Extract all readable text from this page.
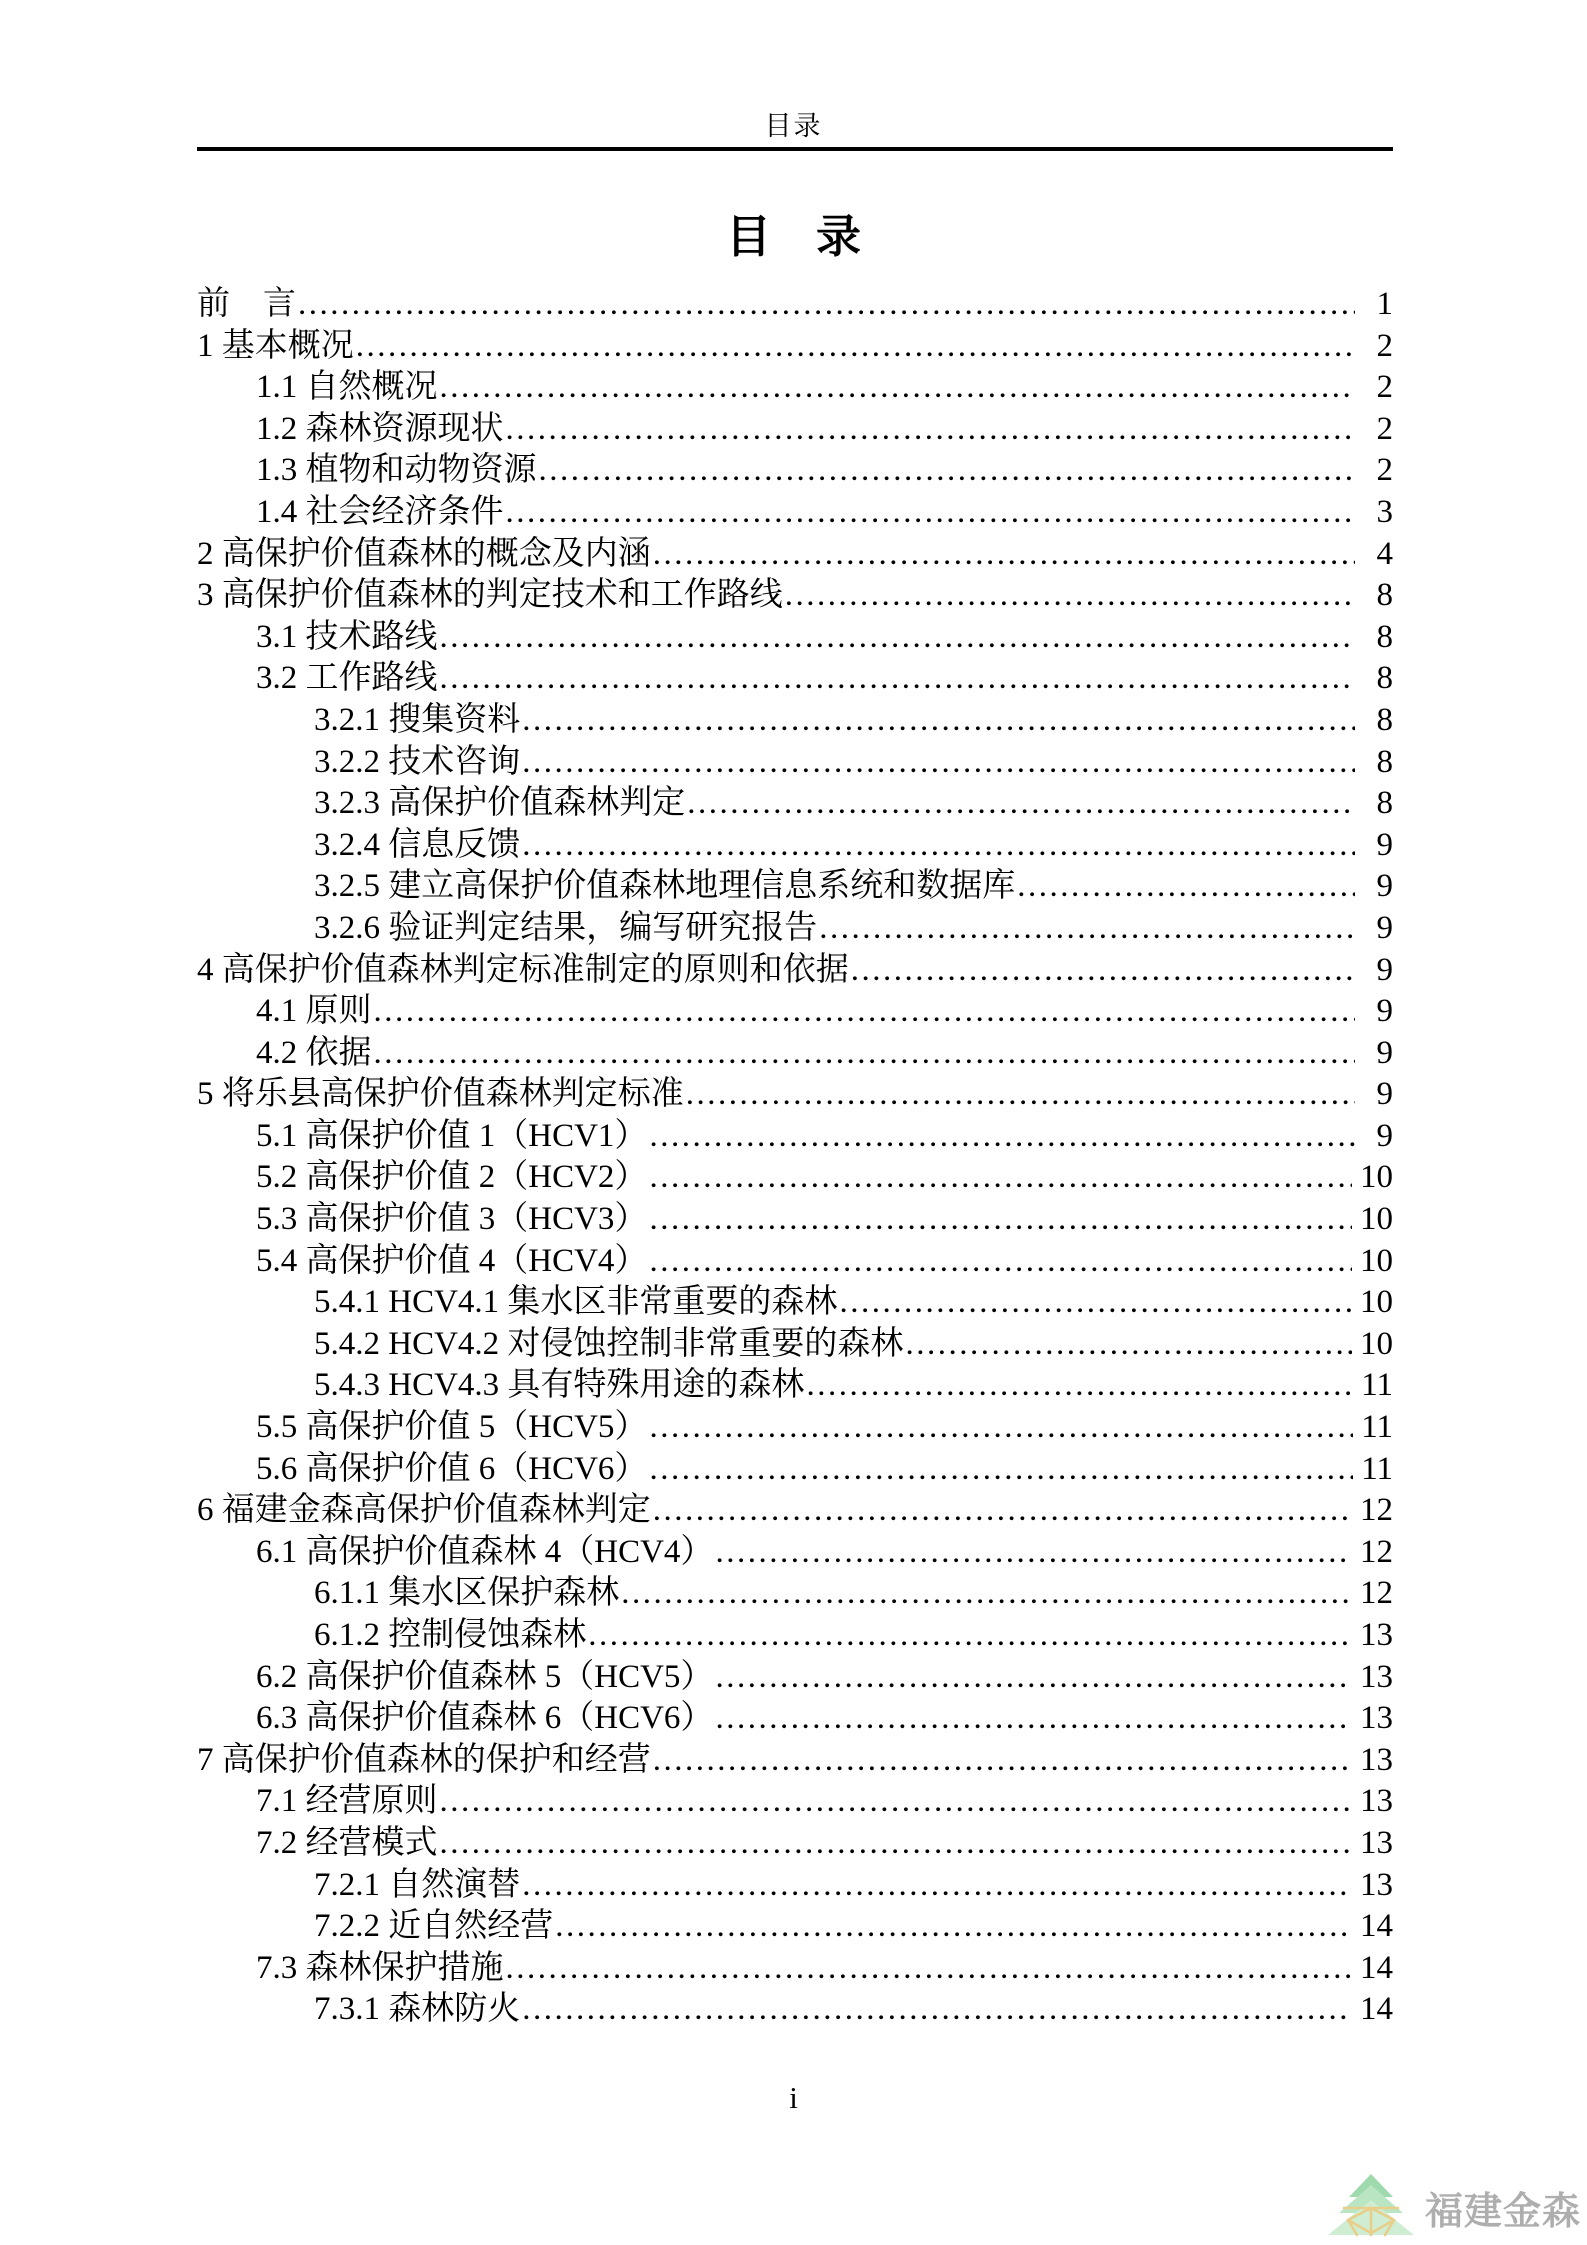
目录
目　录
前　言 .....	1
1 基本概况 .....	2
1.1 自然概况 .....	2
1.2 森林资源现状 .....	2
1.3 植物和动物资源 .....	2
1.4 社会经济条件 .....	3
2 高保护价值森林的概念及内涵 .....	4
3 高保护价值森林的判定技术和工作路线 .....	8
3.1 技术路线 .....	8
3.2 工作路线 .....	8
3.2.1 搜集资料 .....	8
3.2.2 技术咨询 .....	8
3.2.3 高保护价值森林判定 .....	8
3.2.4 信息反馈 .....	9
3.2.5 建立高保护价值森林地理信息系统和数据库 .....	9
3.2.6 验证判定结果，编写研究报告 .....	9
4 高保护价值森林判定标准制定的原则和依据 .....	9
4.1 原则 .....	9
4.2 依据 .....	9
5 将乐县高保护价值森林判定标准 .....	9
5.1 高保护价值 1（HCV1） .....	9
5.2 高保护价值 2（HCV2） .....	10
5.3 高保护价值 3（HCV3） .....	10
5.4 高保护价值 4（HCV4） .....	10
5.4.1 HCV4.1 集水区非常重要的森林 .....	10
5.4.2 HCV4.2 对侵蚀控制非常重要的森林 .....	10
5.4.3 HCV4.3 具有特殊用途的森林 .....	11
5.5 高保护价值 5（HCV5） .....	11
5.6 高保护价值 6（HCV6） .....	11
6 福建金森高保护价值森林判定 .....	12
6.1 高保护价值森林 4（HCV4） .....	12
6.1.1 集水区保护森林 .....	12
6.1.2 控制侵蚀森林 .....	13
6.2 高保护价值森林 5（HCV5） .....	13
6.3 高保护价值森林 6（HCV6） .....	13
7 高保护价值森林的保护和经营 .....	13
7.1 经营原则 .....	13
7.2 经营模式 .....	13
7.2.1 自然演替 .....	13
7.2.2 近自然经营 .....	14
7.3 森林保护措施 .....	14
7.3.1 森林防火 .....	14
i
福建金森
